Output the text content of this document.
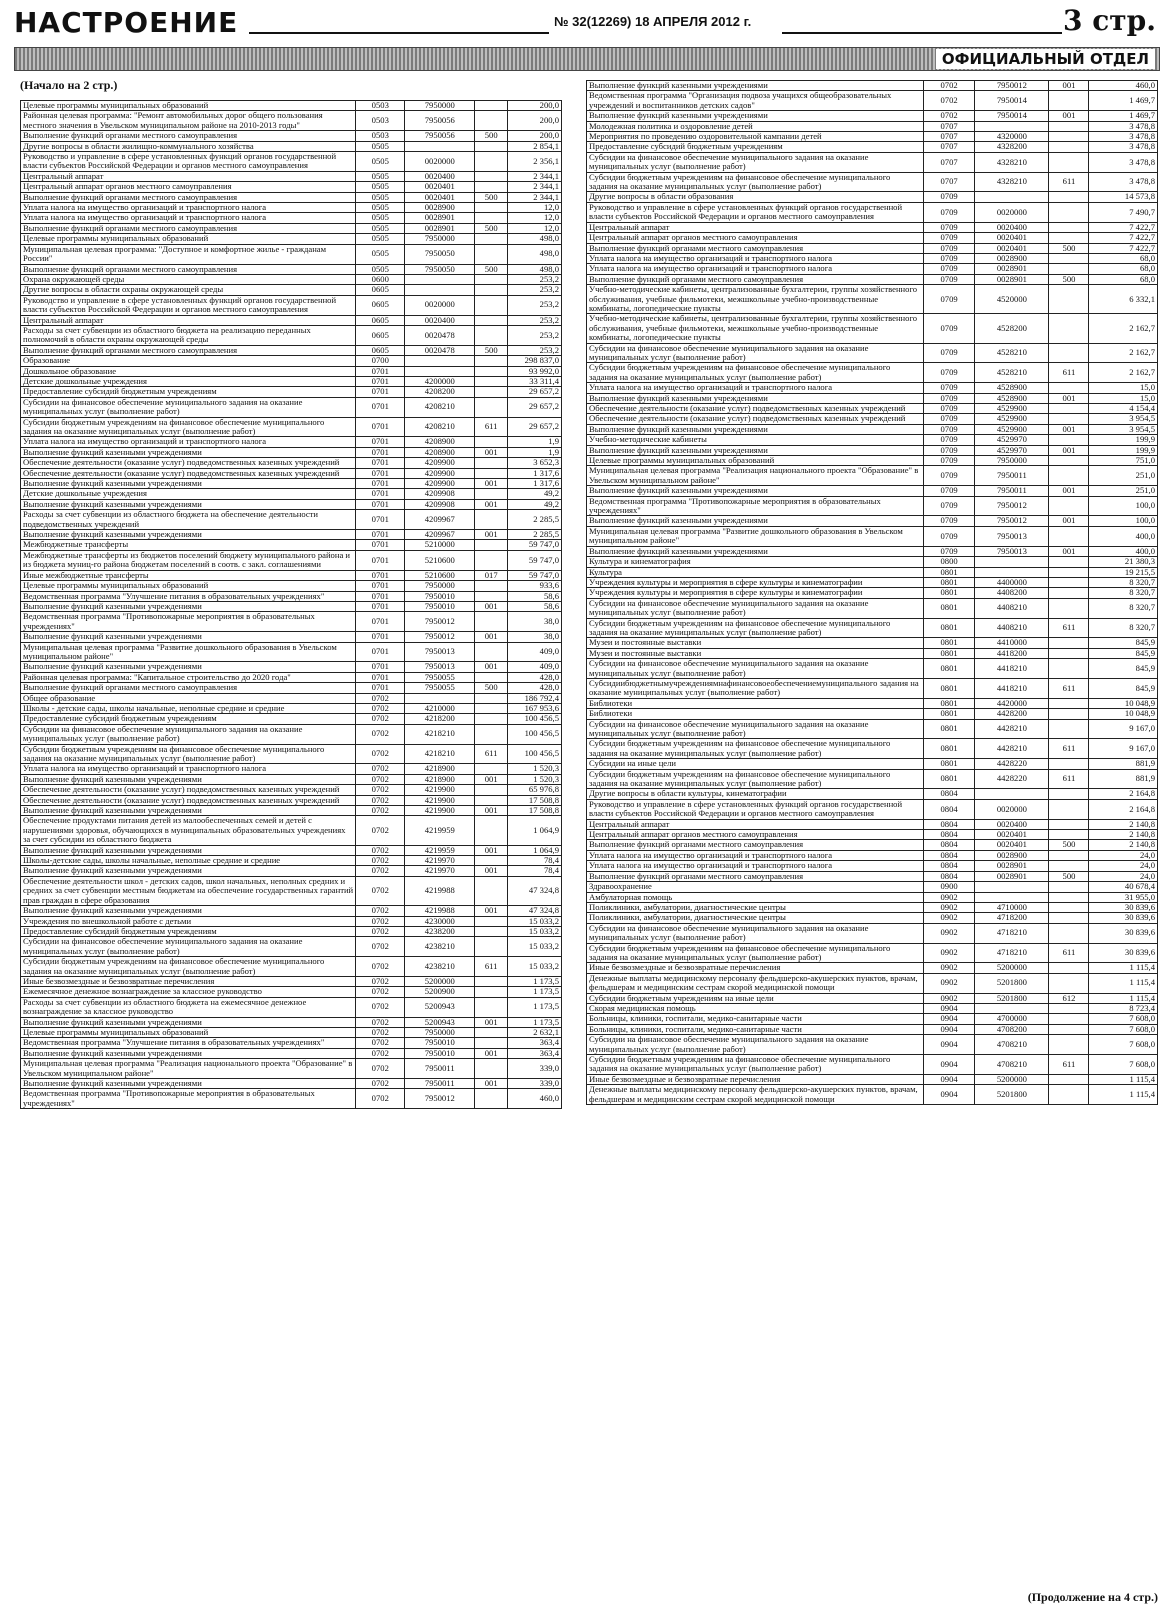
НАСТРОЕНИЕ	№ 32(12269) 18 АПРЕЛЯ 2012 г.	3 стр.
ОФИЦИАЛЬНЫЙ ОТДЕЛ
(Начало на 2 стр.)
Целевые программы муниципальных образований	0503	7950000		200,0
Районная целевая программа: "Ремонт автомобильных дорог общего пользования местного значения в Увельском муниципальном районе на 2010-2013 годы"	0503	7950056		200,0
Выполнение функций органами местного самоуправления	0503	7950056	500	200,0
Другие вопросы в области жилищно-коммунального хозяйства	0505			2 854,1
Руководство и управление в сфере установленных функций органов государственной власти субъектов Российской Федерации и органов местного самоуправления	0505	0020000		2 356,1
Центральный аппарат	0505	0020400		2 344,1
Центральный аппарат органов местного самоуправления	0505	0020401		2 344,1
Выполнение функций органами местного самоуправления	0505	0020401	500	2 344,1
Уплата налога на имущество организаций и транспортного налога	0505	0028900		12,0
Уплата налога на имущество организаций и транспортного налога	0505	0028901		12,0
Выполнение функций органами местного самоуправления	0505	0028901	500	12,0
Целевые программы муниципальных образований	0505	7950000		498,0
Муниципальная целевая программа: "Доступное и комфортное жилье - гражданам России"	0505	7950050		498,0
Выполнение функций органами местного самоуправления	0505	7950050	500	498,0
Охрана окружающей среды	0600			253,2
Другие вопросы в области охраны окружающей среды	0605			253,2
Руководство и управление в сфере установленных функций органов государственной власти субъектов Российской Федерации и органов местного самоуправления	0605	0020000		253,2
Центральный аппарат	0605	0020400		253,2
Расходы за счет субвенции из областного бюджета на реализацию переданных полномочий в области охраны окружающей среды	0605	0020478		253,2
Выполнение функций органами местного самоуправления	0605	0020478	500	253,2
Образование	0700			298 837,0
Дошкольное образование	0701			93 992,0
Детские дошкольные учреждения	0701	4200000		33 311,4
Предоставление субсидий бюджетным учреждениям	0701	4208200		29 657,2
Субсидии на финансовое обеспечение муниципального задания на оказание муниципальных услуг (выполнение работ)	0701	4208210		29 657,2
Субсидии бюджетным учреждениям на финансовое обеспечение муниципального задания на оказание муниципальных услуг (выполнение работ)	0701	4208210	611	29 657,2
Уплата налога на имущество организаций и транспортного налога	0701	4208900		1,9
Выполнение функций казенными учреждениями	0701	4208900	001	1,9
Обеспечение деятельности (оказание услуг) подведомственных казенных учреждений	0701	4209900		3 652,3
Обеспечение деятельности (оказание услуг) подведомственных казенных учреждений	0701	4209900		1 317,6
Выполнение функций казенными учреждениями	0701	4209900	001	1 317,6
Детские дошкольные учреждения	0701	4209908		49,2
Выполнение функций казенными учреждениями	0701	4209908	001	49,2
Расходы за счет субвенции из областного бюджета на обеспечение деятельности подведомственных учреждений	0701	4209967		2 285,5
Выполнение функций казенными учреждениями	0701	4209967	001	2 285,5
Межбюджетные трансферты	0701	5210000		59 747,0
Межбюджетные трансферты из бюджетов поселений бюджету муниципального района и из бюджета муниц-го района бюджетам поселений в соотв. с закл. соглашениями	0701	5210600		59 747,0
Иные межбюджетные трансферты	0701	5210600	017	59 747,0
Целевые программы муниципальных образований	0701	7950000		933,6
Ведомственная программа "Улучшение питания в образовательных учреждениях"	0701	7950010		58,6
Выполнение функций казенными учреждениями	0701	7950010	001	58,6
Ведомственная программа "Противопожарные мероприятия в образовательных учреждениях"	0701	7950012		38,0
Выполнение функций казенными учреждениями	0701	7950012	001	38,0
Муниципальная целевая программа "Развитие дошкольного образования в Увельском муниципальном районе"	0701	7950013		409,0
Выполнение функций казенными учреждениями	0701	7950013	001	409,0
Районная целевая программа: "Капитальное строительство до 2020 года"	0701	7950055		428,0
Выполнение функций органами местного самоуправления	0701	7950055	500	428,0
Общее образование	0702			186 792,4
Школы - детские сады, школы начальные, неполные средние и средние	0702	4210000		167 953,6
Предоставление субсидий бюджетным учреждениям	0702	4218200		100 456,5
Субсидии на финансовое обеспечение муниципального задания на оказание муниципальных услуг (выполнение работ)	0702	4218210		100 456,5
Субсидии бюджетным учреждениям на финансовое обеспечение муниципального задания на оказание муниципальных услуг (выполнение работ)	0702	4218210	611	100 456,5
Уплата налога на имущество организаций и транспортного налога	0702	4218900		1 520,3
Выполнение функций казенными учреждениями	0702	4218900	001	1 520,3
Обеспечение деятельности (оказание услуг) подведомственных казенных учреждений	0702	4219900		65 976,8
Обеспечение деятельности (оказание услуг) подведомственных казенных учреждений	0702	4219900		17 508,8
Выполнение функций казенными учреждениями	0702	4219900	001	17 508,8
Обеспечение продуктами питания детей из малообеспеченных семей и детей с нарушениями здоровья, обучающихся в муниципальных образовательных учреждениях за счет субсидии из областного бюджета	0702	4219959		1 064,9
Выполнение функций казенными учреждениями	0702	4219959	001	1 064,9
Школы-детские сады, школы начальные, неполные средние и средние	0702	4219970		78,4
Выполнение функций казенными учреждениями	0702	4219970	001	78,4
Обеспечение деятельности школ - детских садов, школ начальных, неполных средних и средних за счет субвенции местным бюджетам на обеспечение государственных гарантий прав граждан в сфере образования	0702	4219988		47 324,8
Выполнение функций казенными учреждениями	0702	4219988	001	47 324,8
Учреждения по внешкольной работе с детьми	0702	4230000		15 033,2
Предоставление субсидий бюджетным учреждениям	0702	4238200		15 033,2
Субсидии на финансовое обеспечение муниципального задания на оказание муниципальных услуг (выполнение работ)	0702	4238210		15 033,2
Субсидии бюджетным учреждениям на финансовое обеспечение муниципального задания на оказание муниципальных услуг (выполнение работ)	0702	4238210	611	15 033,2
Иные безвозмездные и безвозвратные перечисления	0702	5200000		1 173,5
Ежемесячное денежное вознаграждение за классное руководство	0702	5200900		1 173,5
Расходы за счет субвенции из областного бюджета на ежемесячное денежное вознаграждение за классное руководство	0702	5200943		1 173,5
Выполнение функций казенными учреждениями	0702	5200943	001	1 173,5
Целевые программы муниципальных образований	0702	7950000		2 632,1
Ведомственная программа "Улучшение питания в образовательных учреждениях"	0702	7950010		363,4
Выполнение функций казенными учреждениями	0702	7950010	001	363,4
Муниципальная целевая программа "Реализация национального проекта "Образование" в Увельском муниципальном районе"	0702	7950011		339,0
Выполнение функций казенными учреждениями	0702	7950011	001	339,0
Ведомственная программа "Противопожарные мероприятия в образовательных учреждениях"	0702	7950012		460,0
Выполнение функций казенными учреждениями	0702	7950012	001	460,0
Ведомственная программа "Организация подвоза учащихся общеобразовательных учреждений и воспитанников детских садов"	0702	7950014		1 469,7
Выполнение функций казенными учреждениями	0702	7950014	001	1 469,7
Молодежная политика и оздоровление детей	0707			3 478,8
Мероприятия по проведению оздоровительной кампании детей	0707	4320000		3 478,8
Предоставление субсидий бюджетным учреждениям	0707	4328200		3 478,8
Субсидии на финансовое обеспечение муниципального задания на оказание муниципальных услуг (выполнение работ)	0707	4328210		3 478,8
Субсидии бюджетным учреждениям на финансовое обеспечение муниципального задания на оказание муниципальных услуг (выполнение работ)	0707	4328210	611	3 478,8
Другие вопросы в области образования	0709			14 573,8
Руководство и управление в сфере установленных функций органов государственной власти субъектов Российской Федерации и органов местного самоуправления	0709	0020000		7 490,7
Центральный аппарат	0709	0020400		7 422,7
Центральный аппарат органов местного самоуправления	0709	0020401		7 422,7
Выполнение функций органами местного самоуправления	0709	0020401	500	7 422,7
Уплата налога на имущество организаций и транспортного налога	0709	0028900		68,0
Уплата налога на имущество организаций и транспортного налога	0709	0028901		68,0
Выполнение функций органами местного самоуправления	0709	0028901	500	68,0
Учебно-методические кабинеты, централизованные бухгалтерии, группы хозяйственного обслуживания, учебные фильмотеки, межшкольные учебно-производственные комбинаты, логопедические пункты	0709	4520000		6 332,1
Учебно-методические кабинеты, централизованные бухгалтерии, группы хозяйственного обслуживания, учебные фильмотеки, межшкольные учебно-производственные комбинаты, логопедические пункты	0709	4528200		2 162,7
Субсидии на финансовое обеспечение муниципального задания на оказание муниципальных услуг (выполнение работ)	0709	4528210		2 162,7
Субсидии бюджетным учреждениям на финансовое обеспечение муниципального задания на оказание муниципальных услуг (выполнение работ)	0709	4528210	611	2 162,7
Уплата налога на имущество организаций и транспортного налога	0709	4528900		15,0
Выполнение функций казенными учреждениями	0709	4528900	001	15,0
Обеспечение деятельности (оказание услуг) подведомственных казенных учреждений	0709	4529900		4 154,4
Обеспечение деятельности (оказание услуг) подведомственных казенных учреждений	0709	4529900		3 954,5
Выполнение функций казенными учреждениями	0709	4529900	001	3 954,5
Учебно-методические кабинеты	0709	4529970		199,9
Выполнение функций казенными учреждениями	0709	4529970	001	199,9
Целевые программы муниципальных образований	0709	7950000		751,0
Муниципальная целевая программа "Реализация национального проекта "Образование" в Увельском муниципальном районе"	0709	7950011		251,0
Выполнение функций казенными учреждениями	0709	7950011	001	251,0
Ведомственная программа "Противопожарные мероприятия в образовательных учреждениях"	0709	7950012		100,0
Выполнение функций казенными учреждениями	0709	7950012	001	100,0
Муниципальная целевая программа "Развитие дошкольного образования в Увельском муниципальном районе"	0709	7950013		400,0
Выполнение функций казенными учреждениями	0709	7950013	001	400,0
Культура и кинематография	0800			21 380,3
Культура	0801			19 215,5
Учреждения культуры и мероприятия в сфере культуры и кинематографии	0801	4400000		8 320,7
Учреждения культуры и мероприятия в сфере культуры и кинематографии	0801	4408200		8 320,7
Субсидии на финансовое обеспечение муниципального задания на оказание муниципальных услуг (выполнение работ)	0801	4408210		8 320,7
Субсидии бюджетным учреждениям на финансовое обеспечение муниципального задания на оказание муниципальных услуг (выполнение работ)	0801	4408210	611	8 320,7
Музеи и постоянные выставки	0801	4410000		845,9
Музеи и постоянные выставки	0801	4418200		845,9
Субсидии на финансовое обеспечение муниципального задания на оказание муниципальных услуг (выполнение работ)	0801	4418210		845,9
Субсидиибюджетнымучреждениямнафинансовоеобеспечениемуниципального задания на оказание муниципальных услуг (выполнение работ)	0801	4418210	611	845,9
Библиотеки	0801	4420000		10 048,9
Библиотеки	0801	4428200		10 048,9
Субсидии на финансовое обеспечение муниципального задания на оказание муниципальных услуг (выполнение работ)	0801	4428210		9 167,0
Субсидии бюджетным учреждениям на финансовое обеспечение муниципального задания на оказание муниципальных услуг (выполнение работ)	0801	4428210	611	9 167,0
Субсидии на иные цели	0801	4428220		881,9
Субсидии бюджетным учреждениям на финансовое обеспечение муниципального задания на оказание муниципальных услуг (выполнение работ)	0801	4428220	611	881,9
Другие вопросы в области культуры, кинематографии	0804			2 164,8
Руководство и управление в сфере установленных функций органов государственной власти субъектов Российской Федерации и органов местного самоуправления	0804	0020000		2 164,8
Центральный аппарат	0804	0020400		2 140,8
Центральный аппарат органов местного самоуправления	0804	0020401		2 140,8
Выполнение функций органами местного самоуправления	0804	0020401	500	2 140,8
Уплата налога на имущество организаций и транспортного налога	0804	0028900		24,0
Уплата налога на имущество организаций и транспортного налога	0804	0028901		24,0
Выполнение функций органами местного самоуправления	0804	0028901	500	24,0
Здравоохранение	0900			40 678,4
Амбулаторная помощь	0902			31 955,0
Поликлиники, амбулатории, диагностические центры	0902	4710000		30 839,6
Поликлиники, амбулатории, диагностические центры	0902	4718200		30 839,6
Субсидии на финансовое обеспечение муниципального задания на оказание муниципальных услуг (выполнение работ)	0902	4718210		30 839,6
Субсидии бюджетным учреждениям на финансовое обеспечение муниципального задания на оказание муниципальных услуг (выполнение работ)	0902	4718210	611	30 839,6
Иные безвозмездные и безвозвратные перечисления	0902	5200000		1 115,4
Денежные выплаты медицинскому персоналу фельдшерско-акушерских пунктов, врачам, фельдшерам и медицинским сестрам скорой медицинской помощи	0902	5201800		1 115,4
Субсидии бюджетным учреждениям на иные цели	0902	5201800	612	1 115,4
Скорая медицинская помощь	0904			8 723,4
Больницы, клиники, госпитали, медико-санитарные части	0904	4700000		7 608,0
Больницы, клиники, госпитали, медико-санитарные части	0904	4708200		7 608,0
Субсидии на финансовое обеспечение муниципального задания на оказание муниципальных услуг (выполнение работ)	0904	4708210		7 608,0
Субсидии бюджетным учреждениям на финансовое обеспечение муниципального задания на оказание муниципальных услуг (выполнение работ)	0904	4708210	611	7 608,0
Иные безвозмездные и безвозвратные перечисления	0904	5200000		1 115,4
Денежные выплаты медицинскому персоналу фельдшерско-акушерских пунктов, врачам, фельдшерам и медицинским сестрам скорой медицинской помощи	0904	5201800		1 115,4
(Продолжение на 4 стр.)
